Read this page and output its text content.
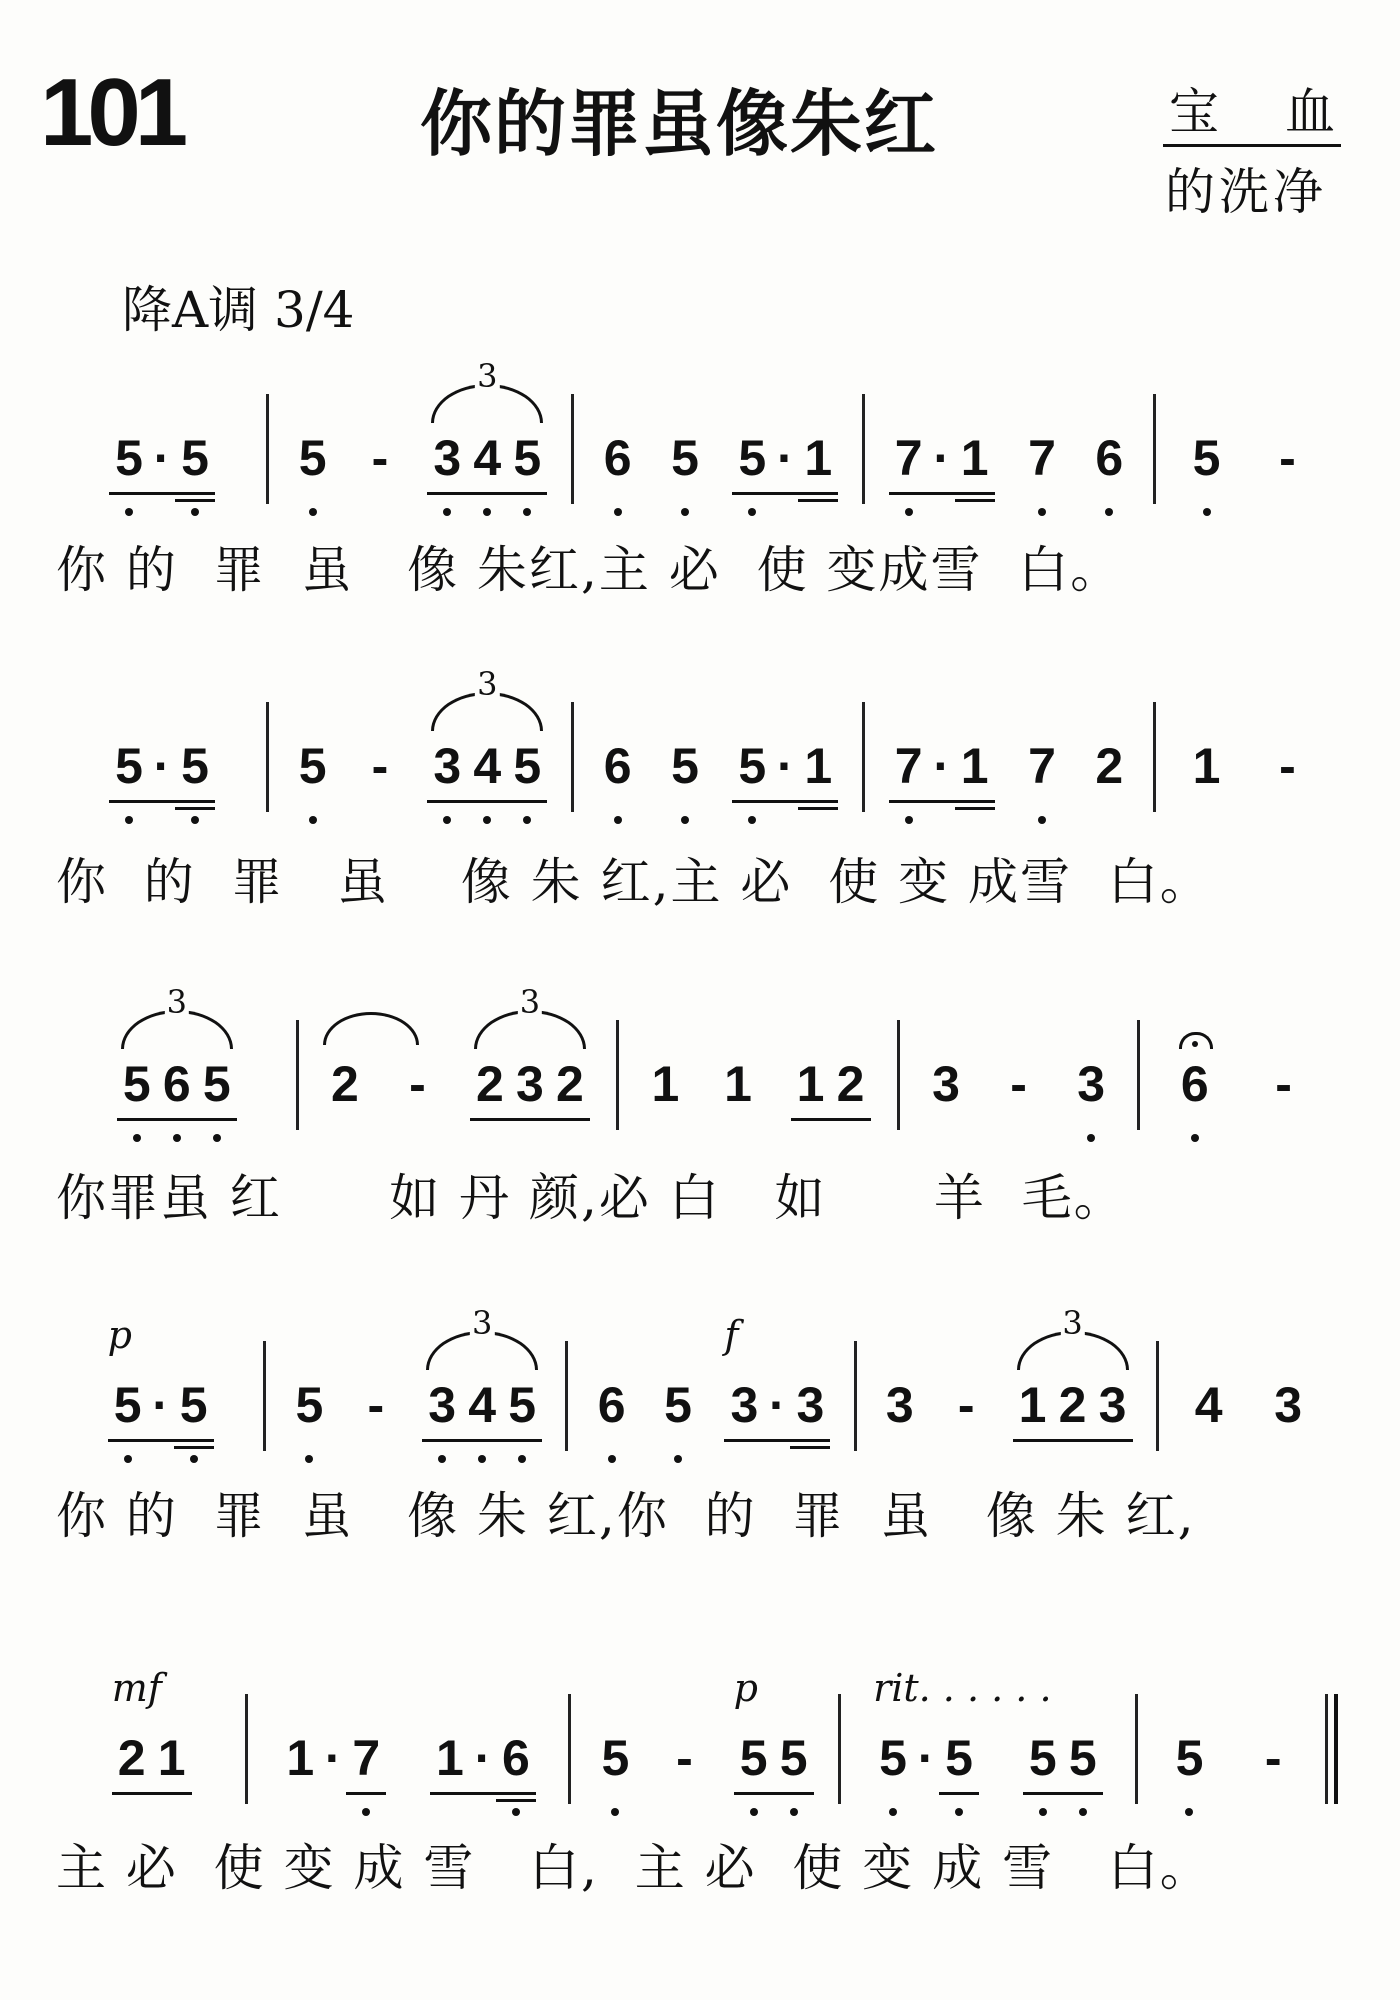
101	你的罪虽像朱红	宝 血
的洗净
降A调 3/4
5 · 5 5 -
3
3 4 5 6 5 5 · 1 7 · 1 7 6 5 -
你 的  罪  虽   像 朱红,主 必  使 变成雪  白。
5 · 5 5 -
3
3 4 5 6 5 5 · 1 7 · 1 7 2 1 -
你  的  罪   虽    像 朱 红,主 必  使 变 成雪  白。
3
5 6 5 2 -
3
2 3 2 1 1 1 2 3 - 3 6 -
你罪虽 红      如 丹 颜,必 白   如      羊  毛。
p
5 · 5 5 -
3
3 4 5 6 5
f
3 · 3 3 -
3
1 2 3 4 3
你 的  罪  虽   像 朱 红,你  的  罪  虽   像 朱 红,
mf
2 1 1 · 7 1 · 6 5 -
p
5 5
rit. . . . . .
5 · 5 5 5 5 -
主 必  使 变 成 雪   白,  主 必  使 变 成 雪   白。
